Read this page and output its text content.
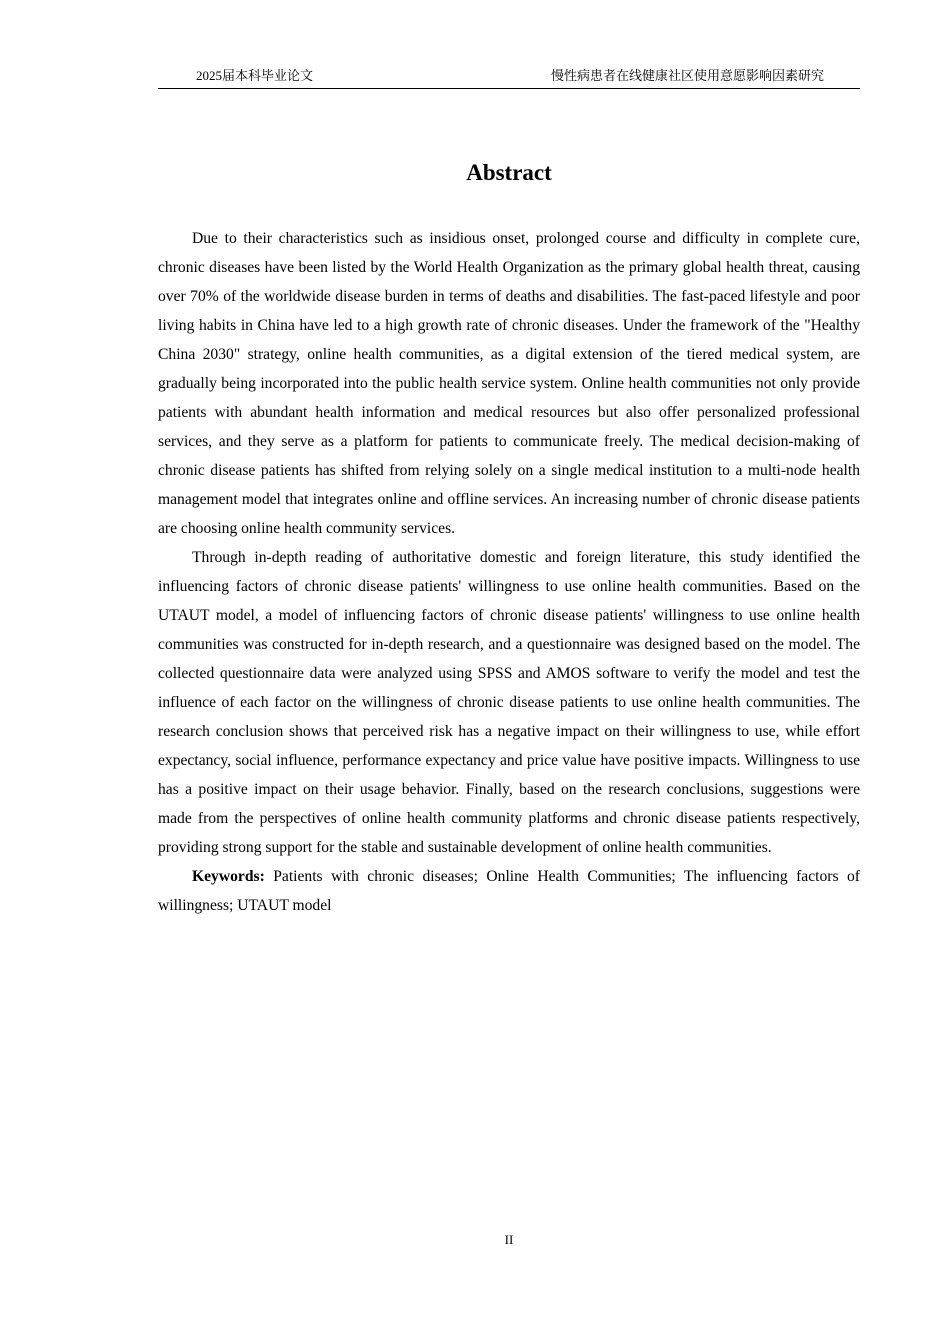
2025届本科毕业论文	慢性病患者在线健康社区使用意愿影响因素研究
Abstract

Due to their characteristics such as insidious onset, prolonged course and difficulty in complete cure, chronic diseases have been listed by the World Health Organization as the primary global health threat, causing over 70% of the worldwide disease burden in terms of deaths and disabilities. The fast-paced lifestyle and poor living habits in China have led to a high growth rate of chronic diseases. Under the framework of the "Healthy China 2030" strategy, online health communities, as a digital extension of the tiered medical system, are gradually being incorporated into the public health service system. Online health communities not only provide patients with abundant health information and medical resources but also offer personalized professional services, and they serve as a platform for patients to communicate freely. The medical decision-making of chronic disease patients has shifted from relying solely on a single medical institution to a multi-node health management model that integrates online and offline services. An increasing number of chronic disease patients are choosing online health community services.

Through in-depth reading of authoritative domestic and foreign literature, this study identified the influencing factors of chronic disease patients' willingness to use online health communities. Based on the UTAUT model, a model of influencing factors of chronic disease patients' willingness to use online health communities was constructed for in-depth research, and a questionnaire was designed based on the model. The collected questionnaire data were analyzed using SPSS and AMOS software to verify the model and test the influence of each factor on the willingness of chronic disease patients to use online health communities. The research conclusion shows that perceived risk has a negative impact on their willingness to use, while effort expectancy, social influence, performance expectancy and price value have positive impacts. Willingness to use has a positive impact on their usage behavior. Finally, based on the research conclusions, suggestions were made from the perspectives of online health community platforms and chronic disease patients respectively, providing strong support for the stable and sustainable development of online health communities.

Keywords: Patients with chronic diseases; Online Health Communities; The influencing factors of willingness; UTAUT model

II
